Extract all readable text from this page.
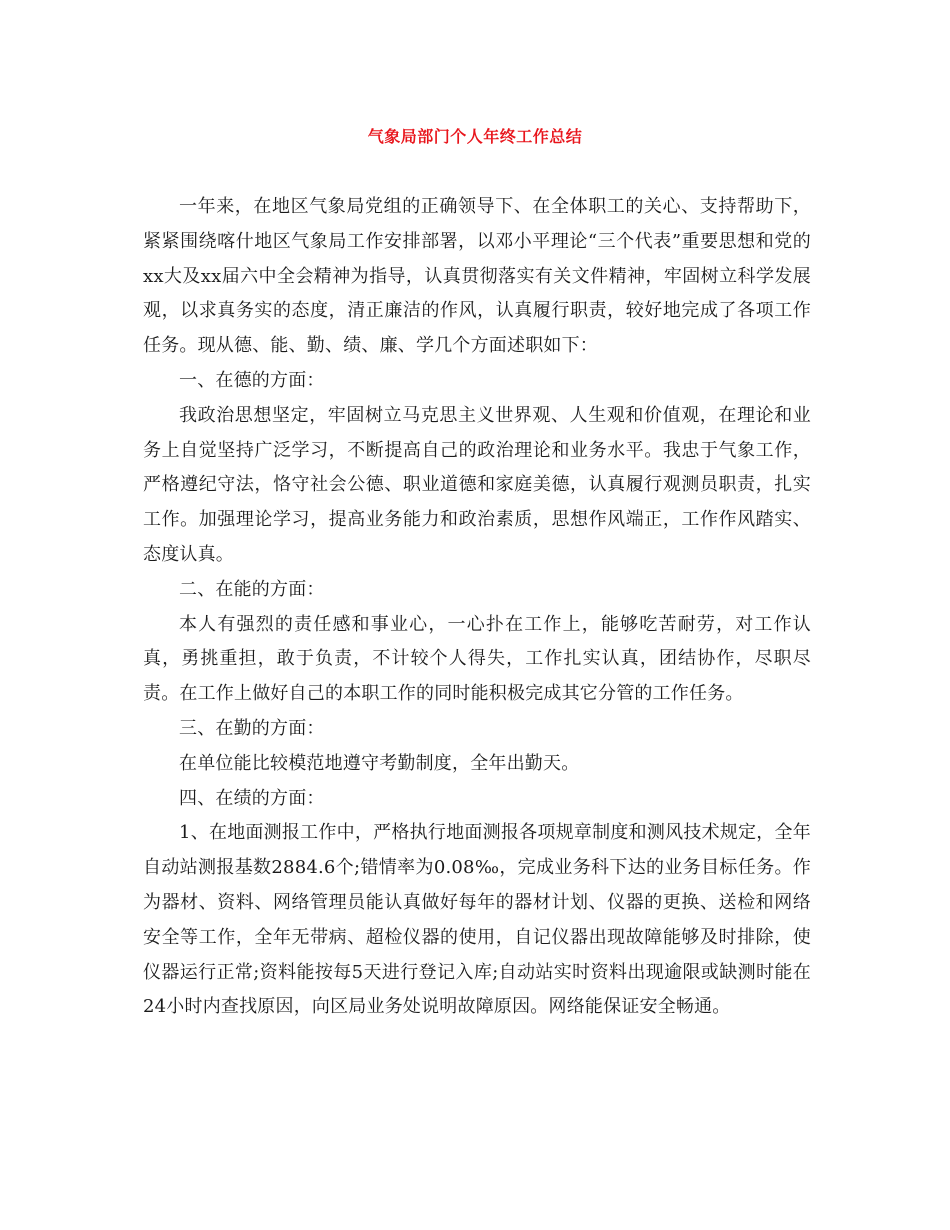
气象局部门个人年终工作总结

一年来，在地区气象局党组的正确领导下、在全体职工的关心、支持帮助下，紧紧围绕喀什地区气象局工作安排部署，以邓小平理论“三个代表”重要思想和党的xx大及xx届六中全会精神为指导，认真贯彻落实有关文件精神，牢固树立科学发展观，以求真务实的态度，清正廉洁的作风，认真履行职责，较好地完成了各项工作任务。现从德、能、勤、绩、廉、学几个方面述职如下：

一、在德的方面：

我政治思想坚定，牢固树立马克思主义世界观、人生观和价值观，在理论和业务上自觉坚持广泛学习，不断提高自己的政治理论和业务水平。我忠于气象工作，严格遵纪守法，恪守社会公德、职业道德和家庭美德，认真履行观测员职责，扎实工作。加强理论学习，提高业务能力和政治素质，思想作风端正，工作作风踏实、态度认真。

二、在能的方面：

本人有强烈的责任感和事业心，一心扑在工作上，能够吃苦耐劳，对工作认真，勇挑重担，敢于负责，不计较个人得失，工作扎实认真，团结协作，尽职尽责。在工作上做好自己的本职工作的同时能积极完成其它分管的工作任务。

三、在勤的方面：

在单位能比较模范地遵守考勤制度，全年出勤天。

四、在绩的方面：

1、在地面测报工作中，严格执行地面测报各项规章制度和测风技术规定，全年自动站测报基数2884.6个;错情率为0.08‰，完成业务科下达的业务目标任务。作为器材、资料、网络管理员能认真做好每年的器材计划、仪器的更换、送检和网络安全等工作，全年无带病、超检仪器的使用，自记仪器出现故障能够及时排除，使仪器运行正常;资料能按每5天进行登记入库;自动站实时资料出现逾限或缺测时能在24小时内查找原因，向区局业务处说明故障原因。网络能保证安全畅通。
